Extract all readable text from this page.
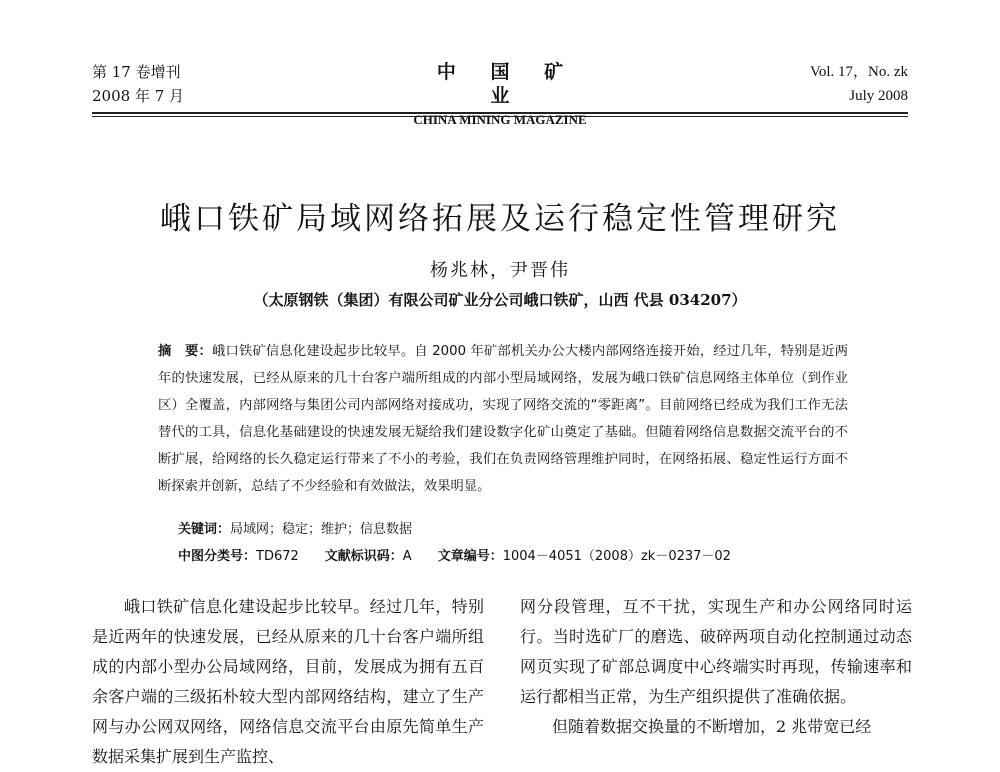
第 17 卷增刊
2008 年 7 月
中 国 矿 业
CHINA MINING MAGAZINE
Vol. 17，No. zk
July 2008
峨口铁矿局域网络拓展及运行稳定性管理研究
杨兆林，尹晋伟
（太原钢铁（集团）有限公司矿业分公司峨口铁矿，山西 代县 034207）
摘　要：峨口铁矿信息化建设起步比较早。自 2000 年矿部机关办公大楼内部网络连接开始，经过几年，特别是近两年的快速发展，已经从原来的几十台客户端所组成的内部小型局域网络，发展为峨口铁矿信息网络主体单位（到作业区）全覆盖，内部网络与集团公司内部网络对接成功，实现了网络交流的“零距离”。目前网络已经成为我们工作无法替代的工具，信息化基础建设的快速发展无疑给我们建设数字化矿山奠定了基础。但随着网络信息数据交流平台的不断扩展，给网络的长久稳定运行带来了不小的考验，我们在负责网络管理维护同时，在网络拓展、稳定性运行方面不断探索并创新，总结了不少经验和有效做法，效果明显。
关键词：局域网；稳定；维护；信息数据
中图分类号：TD672 文献标识码：A 文章编号：1004－4051（2008）zk－0237－02

峨口铁矿信息化建设起步比较早。经过几年，特别是近两年的快速发展，已经从原来的几十台客户端所组成的内部小型办公局域网络，目前，发展成为拥有五百余客户端的三级拓朴较大型内部网络结构，建立了生产网与办公网双网络，网络信息交流平台由原先简单生产数据采集扩展到生产监控、

网分段管理，互不干扰，实现生产和办公网络同时运行。当时选矿厂的磨选、破碎两项自动化控制通过动态网页实现了矿部总调度中心终端实时再现，传输速率和运行都相当正常，为生产组织提供了准确依据。

但随着数据交换量的不断增加，2 兆带宽已经
